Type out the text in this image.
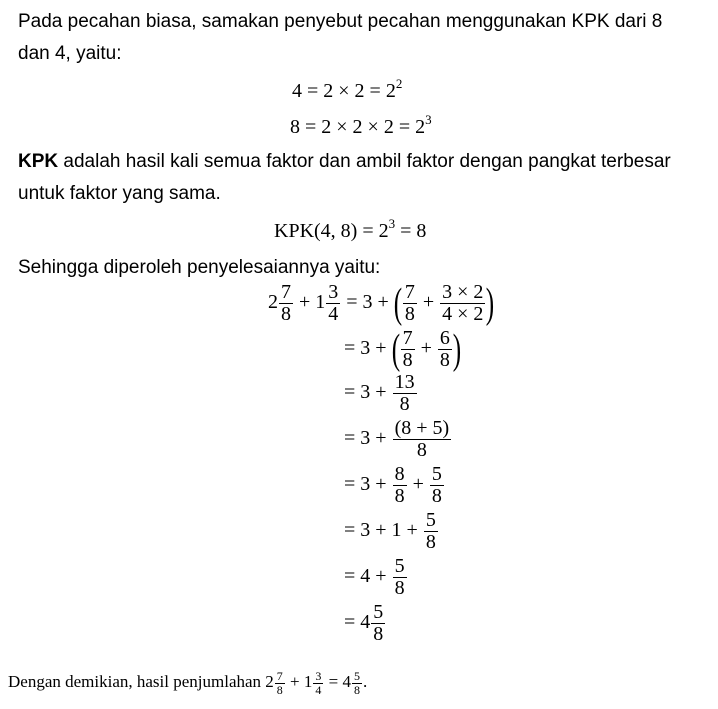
Pada pecahan biasa, samakan penyebut pecahan menggunakan KPK dari 8
dan 4, yaitu:
$4 = 2 \times 2 = 2^2$
$8 = 2 \times 2 \times 2 = 2^3$
KPK adalah hasil kali semua faktor dan ambil faktor dengan pangkat terbesar
untuk faktor yang sama.
KPK(4, $8) = 2^3 = 8$
Sehingga diperoleh penyelesaiannya yaitu:
$2 \frac{7}{8} + 1 \frac{3}{4} = 3$ + ( $\frac{7}{8} + \frac{3 \times 2}{4 \times 2}$ )
= 3 + ( $\frac{7}{8} + \frac{6}{8}$ )
= $3 + \frac{13}{8}$
= $3 + \frac{(8 + 5)}{8}$
= $3 + \frac{8}{8} + \frac{5}{8}$
= $3 + 1 + \frac{5}{8}$
= $4 + \frac{5}{8}$
= $4 \frac{5}{8}$
Dengan demikian, hasil penjumlahan $2 \frac{7}{8} + 1 \frac{3}{4} = 4 \frac{5}{8}$ .
